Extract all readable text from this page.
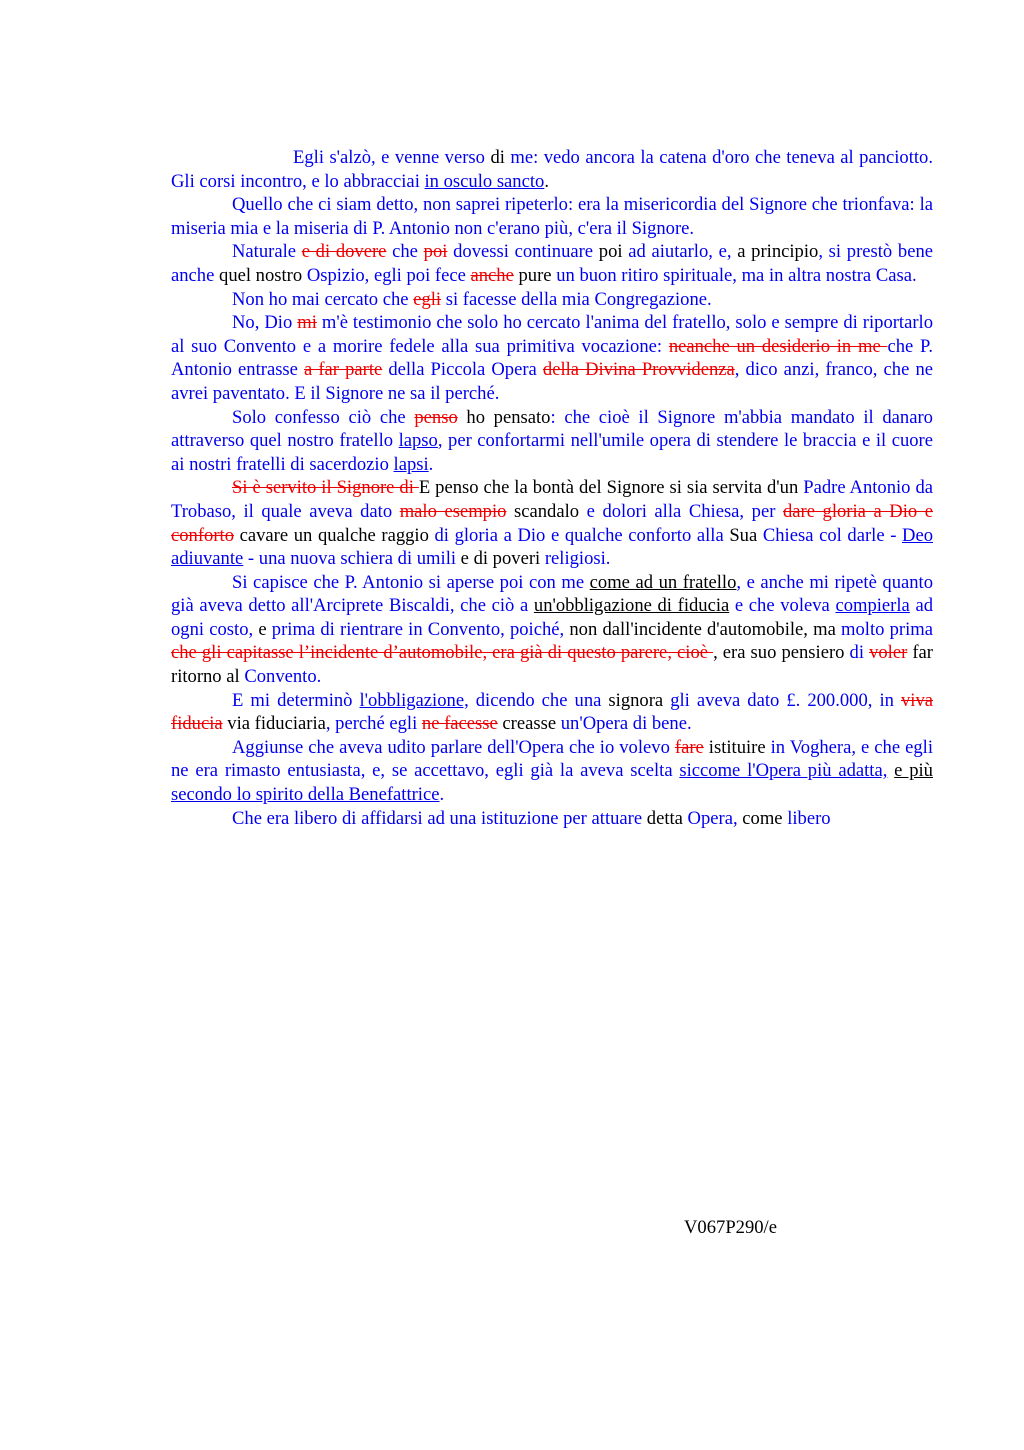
Egli s'alzò, e venne verso di me: vedo ancora la catena d'oro che teneva al panciotto. Gli corsi incontro, e lo abbracciai in osculo sancto.

Quello che ci siam detto, non saprei ripeterlo: era la misericordia del Signore che trionfava: la miseria mia e la miseria di P. Antonio non c'erano più, c'era il Signore.

Naturale e di dovere che poi dovessi continuare poi ad aiutarlo, e, a principio, si prestò bene anche quel nostro Ospizio, egli poi fece anche pure un buon ritiro spirituale, ma in altra nostra Casa.

Non ho mai cercato che egli si facesse della mia Congregazione.

No, Dio mi m'è testimonio che solo ho cercato l'anima del fratello, solo e sempre di riportarlo al suo Convento e a morire fedele alla sua primitiva vocazione: neanche un desiderio in me che P. Antonio entrasse a far parte della Piccola Opera della Divina Provvidenza, dico anzi, franco, che ne avrei paventato. E il Signore ne sa il perché.

Solo confesso ciò che penso ho pensato: che cioè il Signore m'abbia mandato il danaro attraverso quel nostro fratello lapso, per confortarmi nell'umile opera di stendere le braccia e il cuore ai nostri fratelli di sacerdozio lapsi.

Si è servito il Signore di E penso che la bontà del Signore si sia servita d'un Padre Antonio da Trobaso, il quale aveva dato malo esempio scandalo e dolori alla Chiesa, per dare gloria a Dio e conforto cavare un qualche raggio di gloria a Dio e qualche conforto alla Sua Chiesa col darle - Deo adiuvante - una nuova schiera di umili e di poveri religiosi.

Si capisce che P. Antonio si aperse poi con me come ad un fratello, e anche mi ripetè quanto già aveva detto all'Arciprete Biscaldi, che ciò a un'obbligazione di fiducia e che voleva compierla ad ogni costo, e prima di rientrare in Convento, poiché, non dall'incidente d'automobile, ma molto prima che gli capitasse l’incidente d’automobile, era già di questo parere, cioè , era suo pensiero di voler far ritorno al Convento.

E mi determinò l'obbligazione, dicendo che una signora gli aveva dato £. 200.000, in viva fiducia via fiduciaria, perché egli ne facesse creasse un'Opera di bene.

Aggiunse che aveva udito parlare dell'Opera che io volevo fare istituire in Voghera, e che egli ne era rimasto entusiasta, e, se accettavo, egli già la aveva scelta siccome l'Opera più adatta, e più secondo lo spirito della Benefattrice.

Che era libero di affidarsi ad una istituzione per attuare detta Opera, come libero

V067P290/e
